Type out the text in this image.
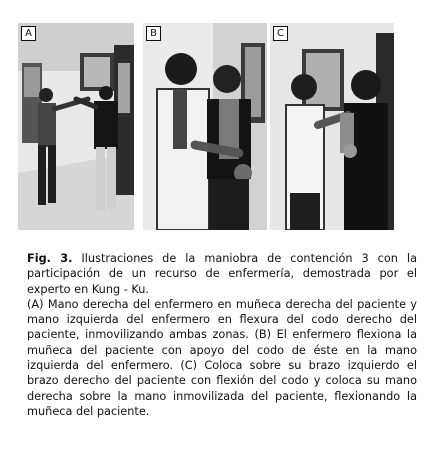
A	B	C

Fig. 3. Ilustraciones de la maniobra de contención 3 con la participación de un recurso de enfermería, demostrada por el experto en Kung - Ku.

(A) Mano derecha del enfermero en muñeca derecha del paciente y mano izquierda del enfermero en flexura del codo derecho del paciente, inmovilizando ambas zonas. (B) El enfermero flexiona la muñeca del paciente con apoyo del codo de éste en la mano izquierda del enfermero. (C) Coloca sobre su brazo izquierdo el brazo derecho del paciente con flexión del codo y coloca su mano derecha sobre la mano inmovilizada del paciente, flexionando la muñeca del paciente.
